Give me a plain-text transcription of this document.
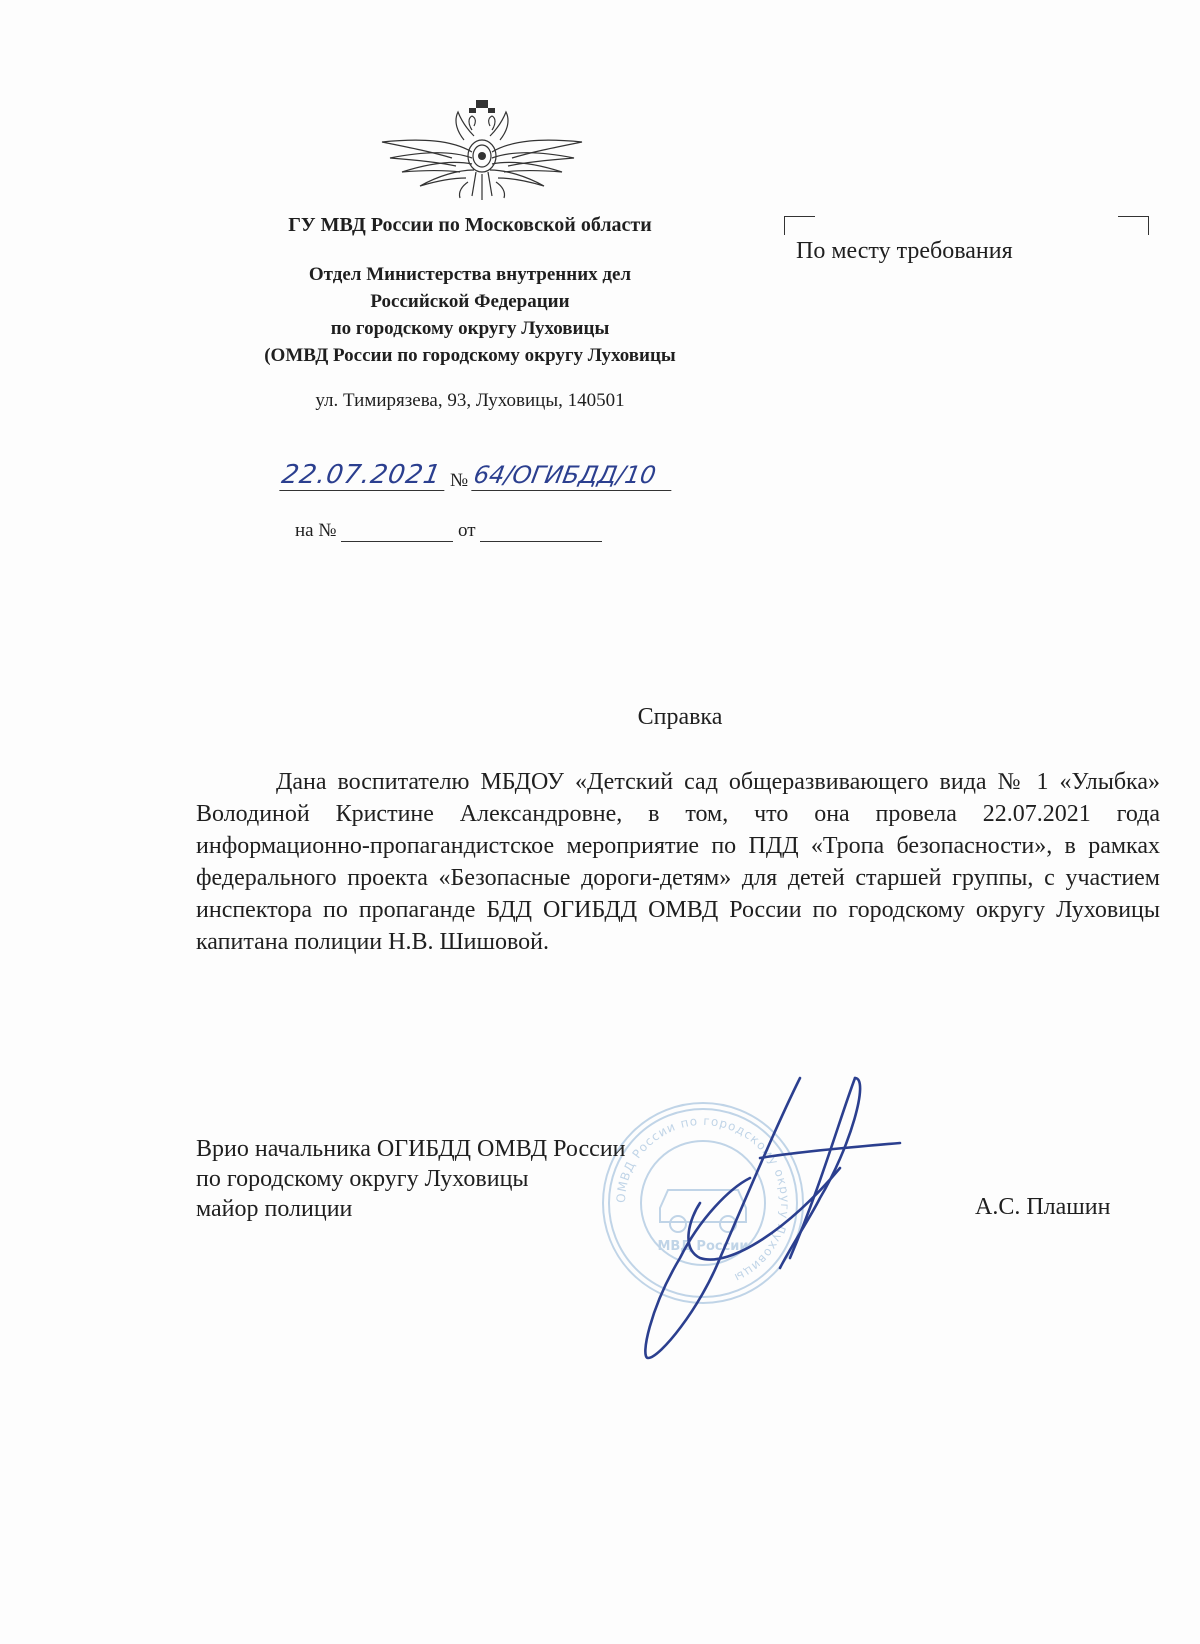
ГУ МВД России по Московской области
Отдел Министерства внутренних дел
Российской Федерации
по городскому округу Луховицы
(ОМВД России по городскому округу Луховицы
ул. Тимирязева, 93, Луховицы, 140501
22.07.2021 № 64/ОГИБДД/10
на №	от
По месту требования
Справка
Дана воспитателю МБДОУ «Детский сад общеразвивающего вида № 1 «Улыбка» Володиной Кристине Александровне, в том, что она провела 22.07.2021 года информационно-пропагандистское мероприятие по ПДД «Тропа безопасности», в рамках федерального проекта «Безопасные дороги-детям» для детей старшей группы, с участием инспектора по пропаганде БДД ОГИБДД ОМВД России по городскому округу Луховицы капитана полиции Н.В. Шишовой.
ОМВД России по городскому округу Луховицы
МВД России
Врио начальника ОГИБДД ОМВД России
по городскому округу Луховицы
майор полиции	А.С. Плашин
